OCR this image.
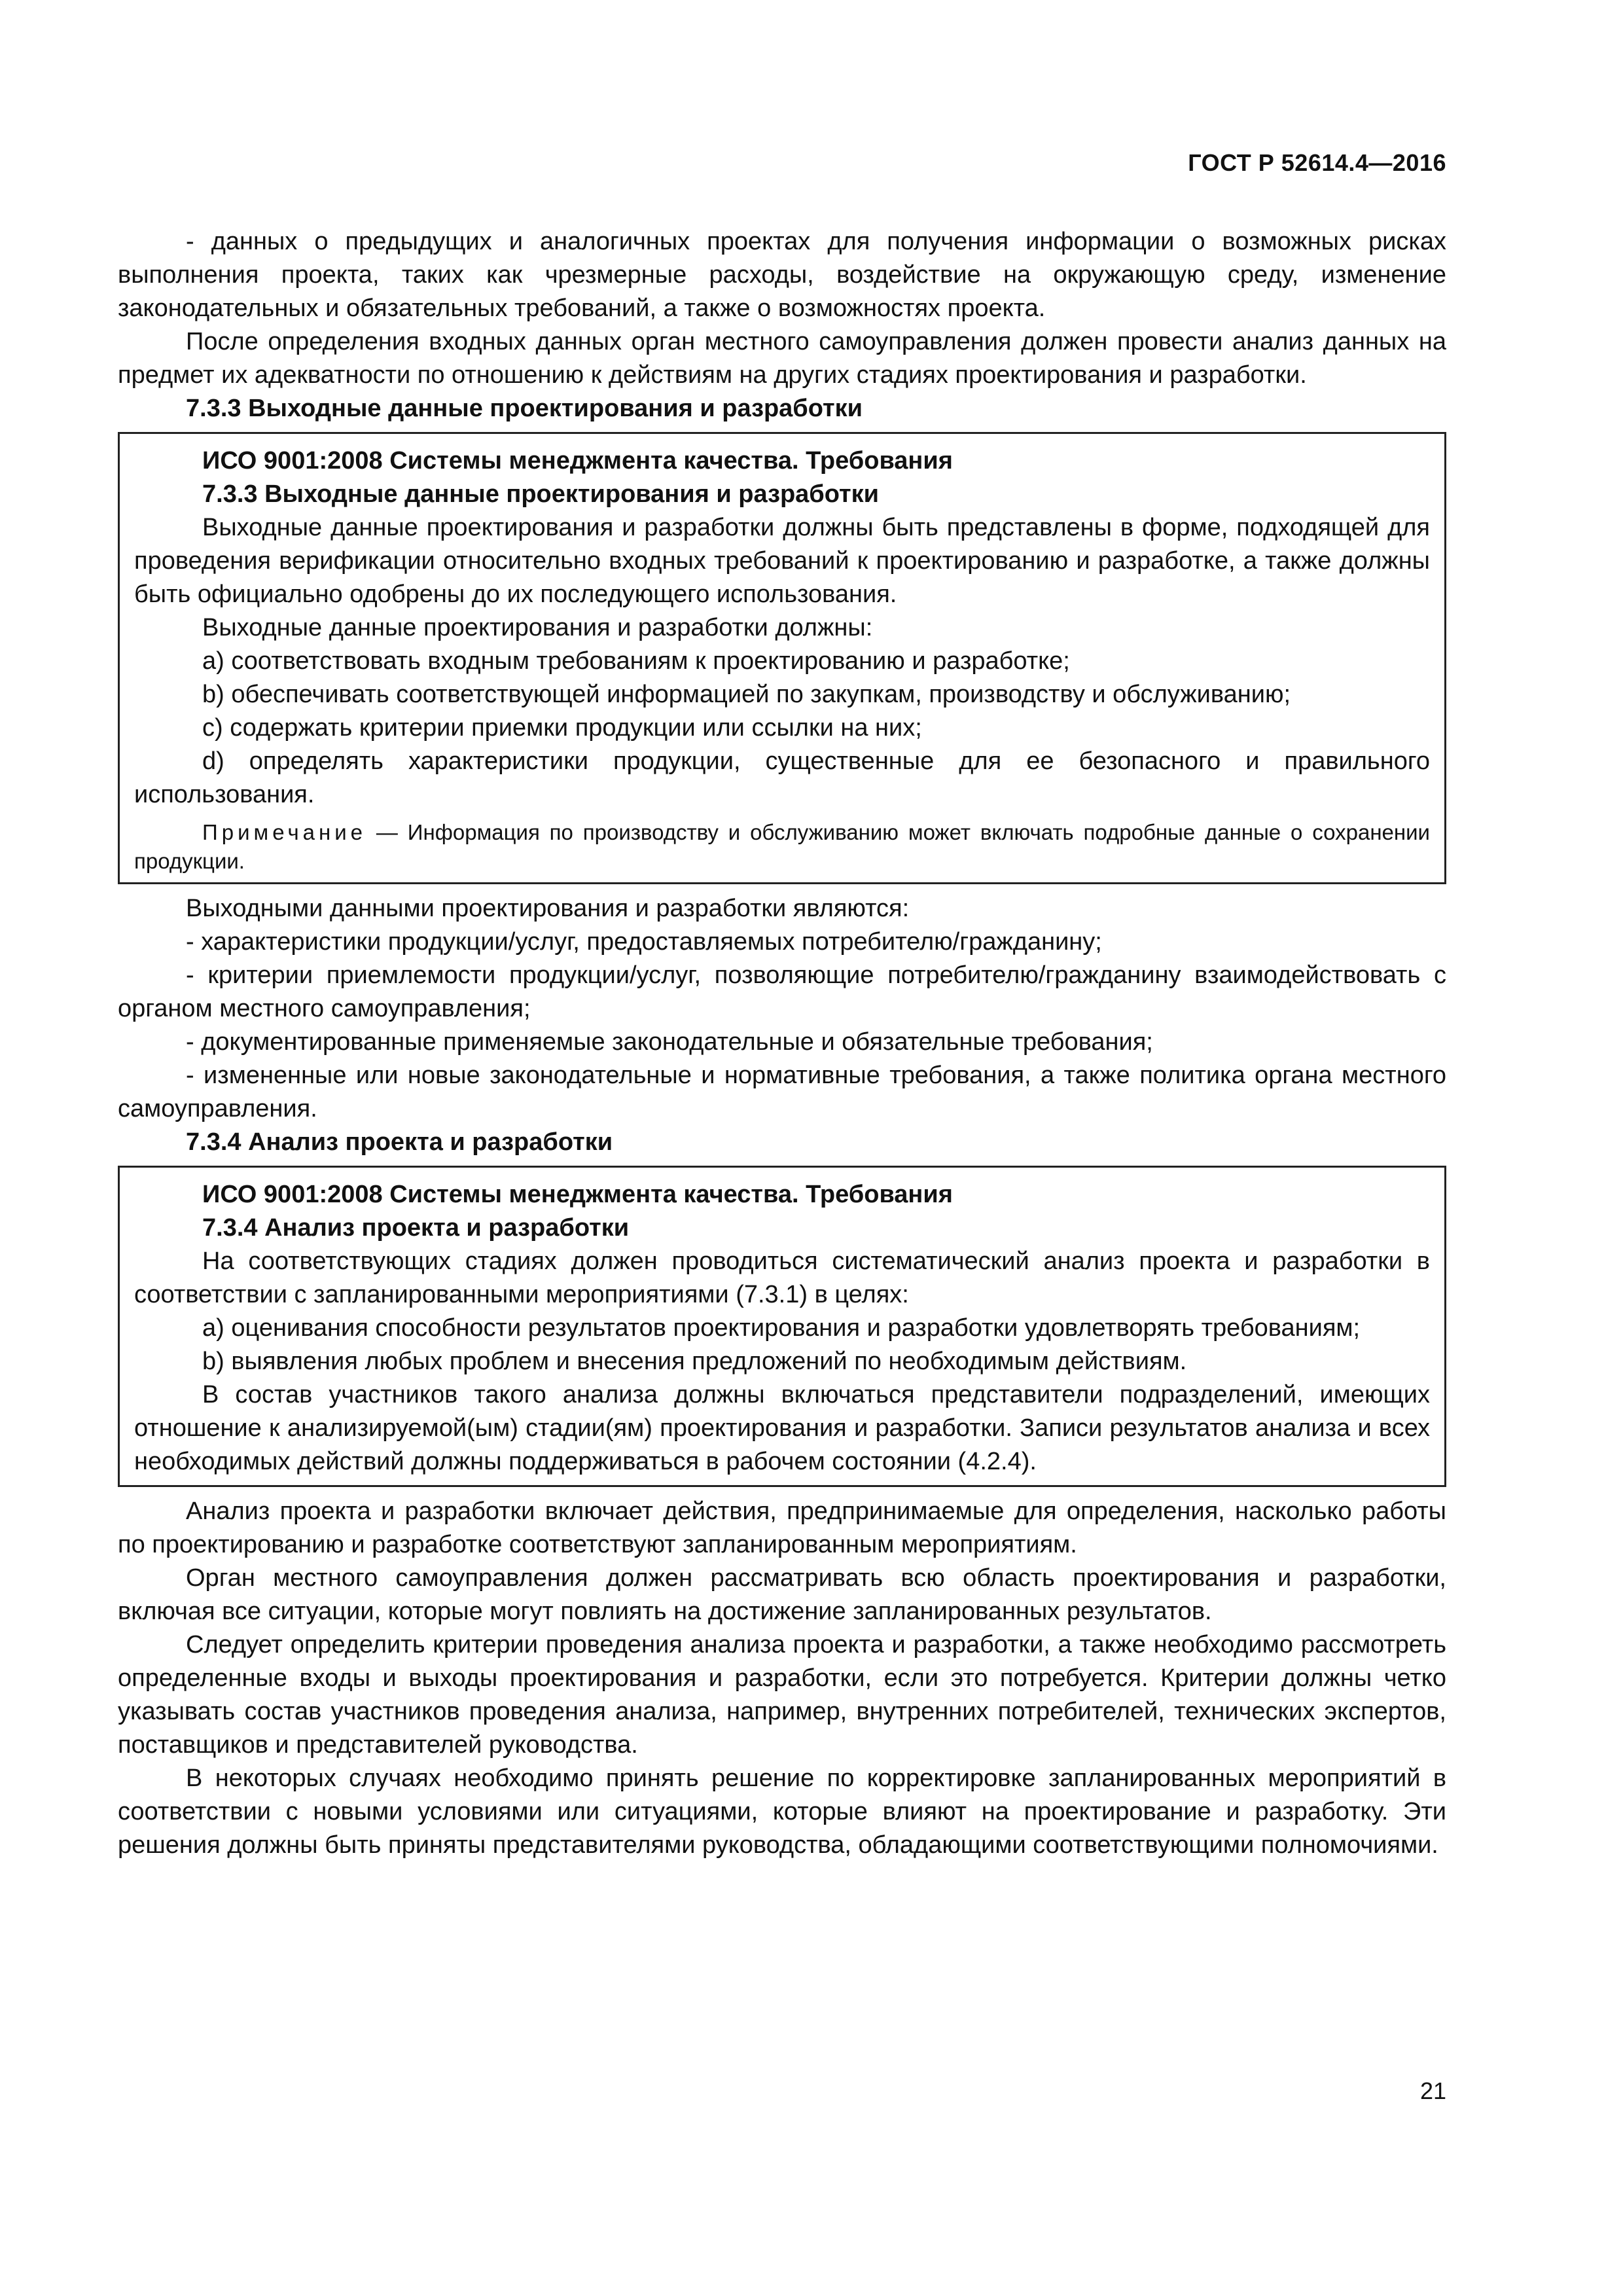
ГОСТ Р 52614.4—2016

- данных о предыдущих и аналогичных проектах для получения информации о возможных рисках выполнения проекта, таких как чрезмерные расходы, воздействие на окружающую среду, изменение законодательных и обязательных требований, а также о возможностях проекта.

После определения входных данных орган местного самоуправления должен провести анализ данных на предмет их адекватности по отношению к действиям на других стадиях проектирования и разработки.

7.3.3 Выходные данные проектирования и разработки
ИСО 9001:2008 Системы менеджмента качества. Требования
7.3.3 Выходные данные проектирования и разработки

Выходные данные проектирования и разработки должны быть представлены в форме, подходящей для проведения верификации относительно входных требований к проектированию и разработке, а также должны быть официально одобрены до их последующего использования.

Выходные данные проектирования и разработки должны:

a) соответствовать входным требованиям к проектированию и разработке;

b) обеспечивать соответствующей информацией по закупкам, производству и обслуживанию;

c) содержать критерии приемки продукции или ссылки на них;

d) определять характеристики продукции, существенные для ее безопасного и правильного использования.

Примечание — Информация по производству и обслуживанию может включать подробные данные о сохранении продукции.

Выходными данными проектирования и разработки являются:

- характеристики продукции/услуг, предоставляемых потребителю/гражданину;

- критерии приемлемости продукции/услуг, позволяющие потребителю/гражданину взаимодействовать с органом местного самоуправления;

- документированные применяемые законодательные и обязательные требования;

- измененные или новые законодательные и нормативные требования, а также политика органа местного самоуправления.

7.3.4 Анализ проекта и разработки
ИСО 9001:2008 Системы менеджмента качества. Требования
7.3.4 Анализ проекта и разработки

На соответствующих стадиях должен проводиться систематический анализ проекта и разработки в соответствии с запланированными мероприятиями (7.3.1) в целях:

a) оценивания способности результатов проектирования и разработки удовлетворять требованиям;

b) выявления любых проблем и внесения предложений по необходимым действиям.

В состав участников такого анализа должны включаться представители подразделений, имеющих отношение к анализируемой(ым) стадии(ям) проектирования и разработки. Записи результатов анализа и всех необходимых действий должны поддерживаться в рабочем состоянии (4.2.4).

Анализ проекта и разработки включает действия, предпринимаемые для определения, насколько работы по проектированию и разработке соответствуют запланированным мероприятиям.

Орган местного самоуправления должен рассматривать всю область проектирования и разработки, включая все ситуации, которые могут повлиять на достижение запланированных результатов.

Следует определить критерии проведения анализа проекта и разработки, а также необходимо рассмотреть определенные входы и выходы проектирования и разработки, если это потребуется. Критерии должны четко указывать состав участников проведения анализа, например, внутренних потребителей, технических экспертов, поставщиков и представителей руководства.

В некоторых случаях необходимо принять решение по корректировке запланированных мероприятий в соответствии с новыми условиями или ситуациями, которые влияют на проектирование и разработку. Эти решения должны быть приняты представителями руководства, обладающими соответствующими полномочиями.

21
